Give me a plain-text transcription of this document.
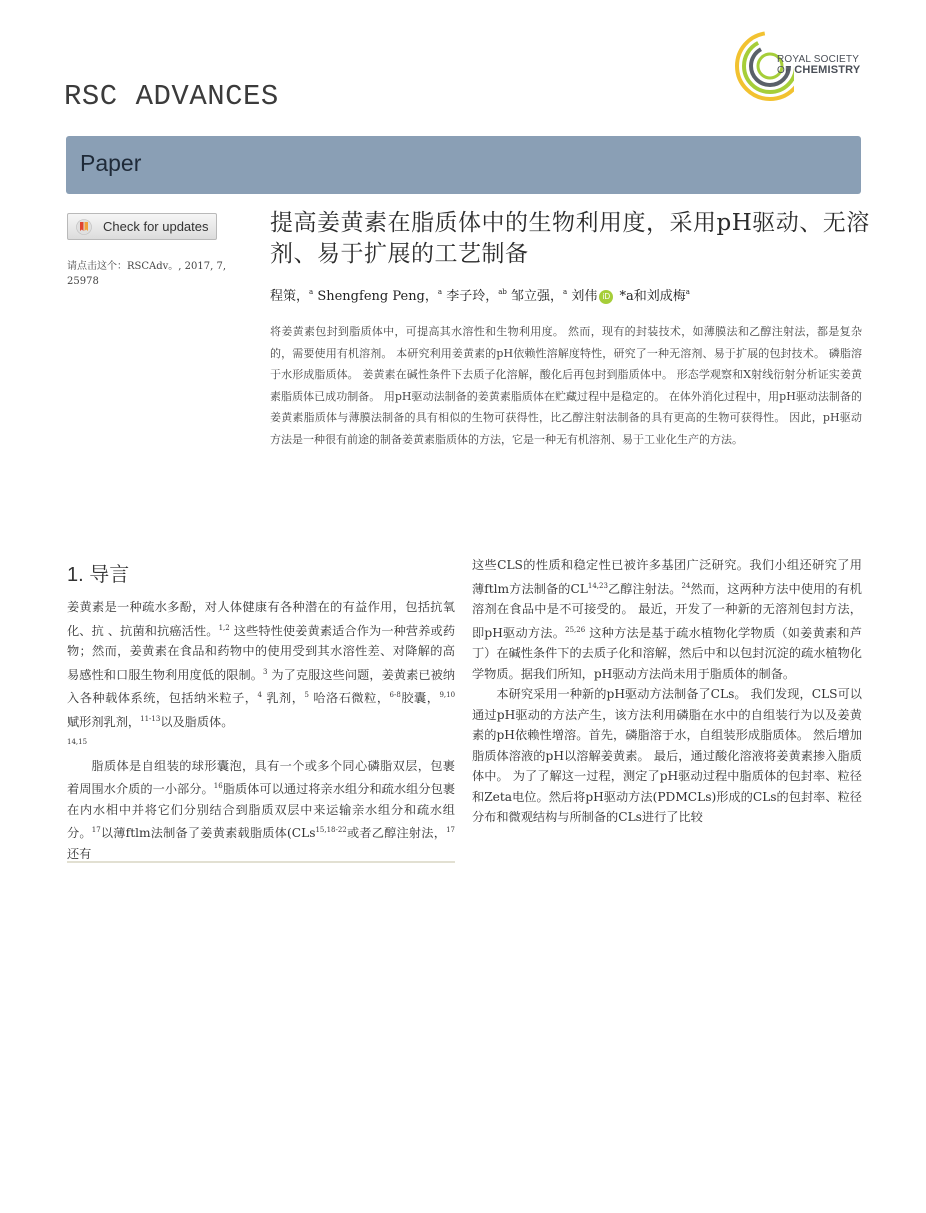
RSC ADVANCES
ROYAL SOCIETY
OF CHEMISTRY
Paper
Check for updates
请点击这个：RSCAdv。, 2017, 7,
25978
提高姜黄素在脂质体中的生物利用度，采用pH驱动、无溶剂、易于扩展的工艺制备
程策，$^a$ Shengfeng Peng，$^a$ 李子玲，$^{ab}$ 邹立强，$^a$ 刘伟 iD *a和刘成梅$^a$

将姜黄素包封到脂质体中，可提高其水溶性和生物利用度。 然而，现有的封装技术，如薄膜法和乙醇注射法，都是复杂的，需要使用有机溶剂。 本研究利用姜黄素的pH依赖性溶解度特性，研究了一种无溶剂、易于扩展的包封技术。 磷脂溶于水形成脂质体。 姜黄素在碱性条件下去质子化溶解，酸化后再包封到脂质体中。 形态学观察和X射线衍射分析证实姜黄素脂质体已成功制备。 用pH驱动法制备的姜黄素脂质体在贮藏过程中是稳定的。 在体外消化过程中，用pH驱动法制备的姜黄素脂质体与薄膜法制备的具有相似的生物可获得性，比乙醇注射法制备的具有更高的生物可获得性。 因此，pH驱动方法是一种很有前途的制备姜黄素脂质体的方法，它是一种无有机溶剂、易于工业化生产的方法。

1. 导言

姜黄素是一种疏水多酚，对人体健康有各种潜在的有益作用，包括抗氧化、抗 、抗菌和抗癌活性。$^{1,2}$ 这些特性使姜黄素适合作为一种营养或药物；然而，姜黄素在食品和药物中的使用受到其水溶性差、对降解的高易感性和口服生物利用度低的限制。$^3$ 为了克服这些问题，姜黄素已被纳入各种载体系统，包括纳米粒子，$^4$ 乳剂，$^5$ 哈洛石微粒，$^{6-8}$胶囊，$^{9,10}$ 赋形剂乳剂，$^{11-13}$以及脂质体。
$^{14,15}$

脂质体是自组装的球形囊泡，具有一个或多个同心磷脂双层，包裹着周围水介质的一小部分。$^{16}$脂质体可以通过将亲水组分和疏水组分包裹在内水相中并将它们分别结合到脂质双层中来运输亲水组分和疏水组分。$^{17}$以薄ftlm法制备了姜黄素载脂质体(CLs$^{15,18-22}$或者乙醇注射法，$^{17}$还有

这些CLS的性质和稳定性已被许多基团广泛研究。我们小组还研究了用薄ftlm方法制备的CL$^{14,23}$乙醇注射法。$^{24}$然而，这两种方法中使用的有机溶剂在食品中是不可接受的。 最近，开发了一种新的无溶剂包封方法，即pH驱动方法。$^{25,26}$ 这种方法是基于疏水植物化学物质（如姜黄素和芦丁）在碱性条件下的去质子化和溶解，然后中和以包封沉淀的疏水植物化学物质。据我们所知，pH驱动方法尚未用于脂质体的制备。

本研究采用一种新的pH驱动方法制备了CLs。 我们发现，CLS可以通过pH驱动的方法产生，该方法利用磷脂在水中的自组装行为以及姜黄素的pH依赖性增溶。首先，磷脂溶于水，自组装形成脂质体。 然后增加脂质体溶液的pH以溶解姜黄素。 最后，通过酸化溶液将姜黄素掺入脂质体中。 为了了解这一过程，测定了pH驱动过程中脂质体的包封率、粒径和Zeta电位。然后将pH驱动方法(PDMCLs)形成的CLs的包封率、粒径分布和微观结构与所制备的CLs进行了比较
